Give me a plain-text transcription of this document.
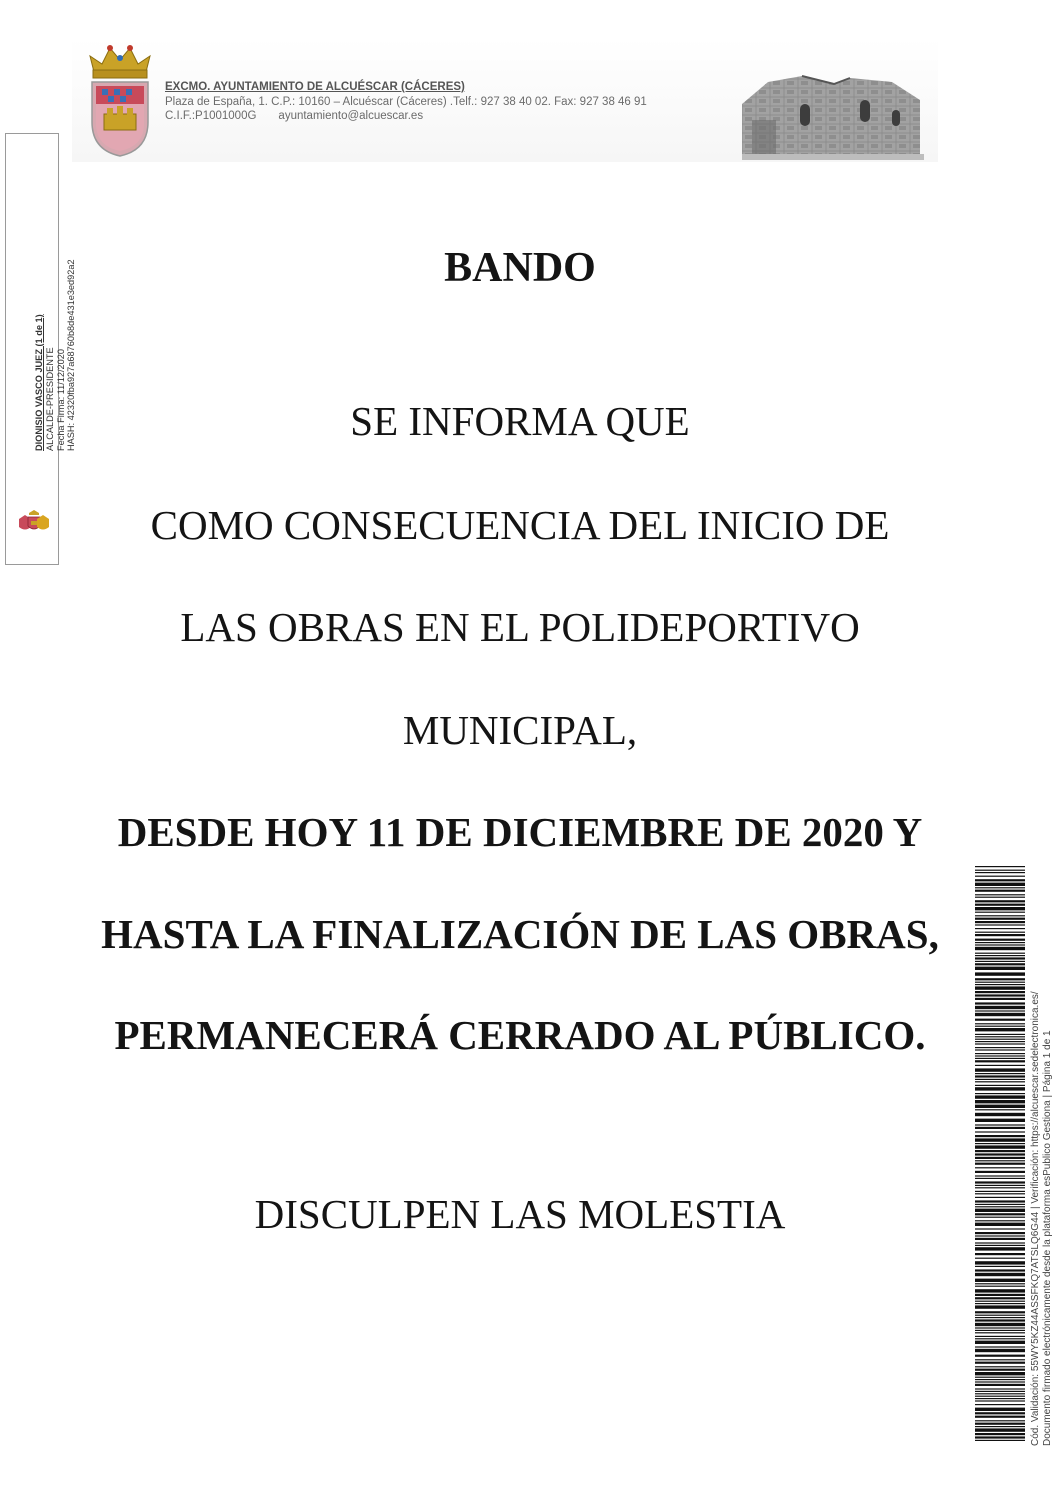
EXCMO. AYUNTAMIENTO DE ALCUÉSCAR (CÁCERES)
Plaza de España, 1. C.P.: 10160 – Alcuéscar (Cáceres) .Telf.: 927 38 40 02. Fax: 927 38 46 91
C.I.F.:P1001000G ayuntamiento@alcuescar.es
DIONISIO VASCO JUEZ (1 de 1) ALCALDE-PRESIDENTE Fecha Firma: 11/12/2020 HASH: 42320fba927a68760b8de431e3ed92a2	BANDO
SE INFORMA QUE
COMO CONSECUENCIA DEL INICIO DE
LAS OBRAS EN EL POLIDEPORTIVO
MUNICIPAL,
DESDE HOY 11 DE DICIEMBRE DE 2020 Y
HASTA LA FINALIZACIÓN DE LAS OBRAS,
PERMANECERÁ CERRADO AL PÚBLICO.
DISCULPEN LAS MOLESTIA	Cód. Validación: 55WY5KZ44ASSFKQ7ATSLQ6G44 | Verificación: https://alcuescar.sedelectronica.es/ Documento firmado electrónicamente desde la plataforma esPublico Gestiona | Página 1 de 1
